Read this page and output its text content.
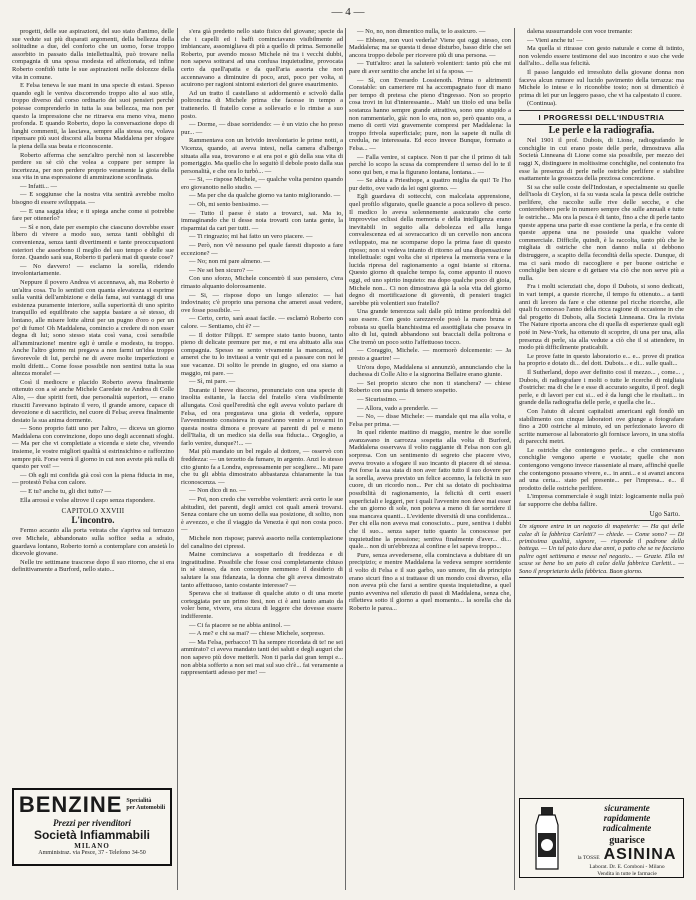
— 4 —

progetti, delle sue aspirazioni, del suo stato d'animo, delle sue vedute sui più disparati argomenti, della bellezza della solitudine a due, del conforto che un uomo, forse troppo assorbito in passato dalla intellettualità, può trovare nella compagnia di una sposa modesta ed affezionata, ed infine Roberto confidò tutte le sue aspirazioni nelle dolcezze della vita in comune.

E Felsa teneva le sue mani in una specie di estasi. Spesso quando egli le veniva discorrendo troppo alto al suo stile, troppo diverso dal corso ordinario dei suoi pensieri perchè potesse comprenderlo in tutta la sua bellezza, ma non per questo la impressione che ne ritraeva era meno viva, meno profonda. E quando Roberto, dopo la conversazione dopo di lunghi commenti, la lasciava, sempre alla stessa ora, volava ripensare più suoi discorsi alla buona Maddalena per sfogare la piena della sua beata e riconoscente.

Roberto afferma che senz'altro perchè non si lascerebbe perdere su sè ciò che volea a coppare per sempre la incertezza, per non perdere proprio veramente la gioia della sua vita in una espressione di ammirazione sconfinata.

— Infatti... —

— E soggiunse che la nostra vita sentirà avrebbe molto bisogno di essere sviluppata. —

— E una saggia idea; e ti spiega anche come si potrebbe fare per ottenerlo?

— Sì e non, date per esempio che ciascuno dovrebbe esser libero di vivere a modo suo, senza tanti obblighi di convenienza, senza tanti divertimenti e tante preoccupazioni esteriori che assorbono il meglio del suo tempo e delle sue forze. Quando sarà sua, Roberto ti parlerà mai di queste cose?

— No davvero! — esclamo la sorella, ridendo involontariamente.

Neppure il povero Andrea vi accennava, ah, ma Roberto è un'altra cosa. Tu lo sentisti con quanta elevatezza si esprime sulla vanità dell'ambizione e della fama, sui vantaggi di una esistenza puramente interiore, sulla superiorità di uno spirito tranquillo ed equilibrato che sappia bastare a sè stesso, di lontano, alle misere lotte altrui per un pugno d'oro o per un po' di fumo! Oh Maddalena, comincio a credere di non esser degna di lui; sono stesso stata così vana, così sensibile all'ammirazione! mentre egli è umile e modesto, tu troppo. Anche l'altro giorno mi pregava a non farmi un'idea troppo favorevole di lui, perchè ne di avere molte imperfezioni e molti difetti... Come fosse possibile non sentirsi tutta la sua altezza morale! —

Così il mediocre e placido Roberto aveva finalmente ottenuto con a sè anche Michele Caredate ne Andrea di Colle Alto, — due spiriti forti, due personalità superiori, — erano riusciti l'avevano ispirato il vero, il grande amore, capace di devozione e di sacrificio, nel cuore di Felsa; aveva finalmente destato la sua anima dormente.

— Sono proprio fatti uno per l'altro, — diceva un giorno Maddalena con convinzione, dopo uno degli accennati sfoghi. — Ma per che vi completiate a vicenda e siete che, vivendo insieme, le vostre migliori qualità si estrinsichino e rafforzino sempre più. Forse verrà il giorno in cui non avrete più nulla di questo per voi! —

— Oh egli mi confida già così con la piena fiducia in me, — protestò Felsa con calore.

— E tu? anche tu, gli dici tutto? —

Ella arrossì e volse altrove il capo senza rispondere.

CAPITOLO XXVIII
L'incontro.

Fermo accanto alla porta vetrata che s'apriva sul terrazzo ove Michele, abbandonato sulla soffice sedia a sdraio, guardava lontano, Roberto tornò a contemplare con ansietà lo dicevole giovane.

Nelle tre settimane trascorse dopo il suo ritorno, che si era definitivamente a Burford, nello stato...

BENZINE Specialità
per Automobili
Prezzi per rivenditori
Società Infiammabili
MILANO
Amministraz. via Pesce, 37 - Telefono 34-50

s'era già predetto nello stato fisico del giovane; specie da che i capelli ed i baffi cominciavano visibilmente ad imbiancare, assomigliava di più a quello di prima. Semonelle Roberto, pur avendo mosso Michele nè tra i vecchi dubbi, non sapeva sottrarsi ad una confusa inquietudine, provocata certo da quell'apatia e da quell'aria assorta che non accennavano a diminuire di poco, anzi, poco per volta, si acuirono per ragioni sintomi esteriori del grave esaurimento.

Ad un tratto il castellano si addormentò e scivolò dalla poltroncina di Michele prima che facesse in tempo a trattenerlo. Il fratello corse a sollevarlo e lo rimise a suo posto.

— Dorme, — disse sorridendo: — è un vizio che ho preso pur... —

Rammentava con un brivido involontario le prime notti, a Vicenza, quando, ai aveva intesi, nella camera d'albergo situata alla sua, trovarono e ai era poi e giù della sua vita di pomeriggio. Ma quello che lo seguitò il debole posto dalla sua personalità, e che ora lo turbò... —

— Si, — rispose Michele, — qualche volta persino quando ero giovanotto nello studio. —

— Ma per che da qualche giorno va tanto migliorando. —

— Oh, mi sento benissimo. —

— Tutto il paese è stato a trovarci, sai. Ma io, immaginando che ti desse noia trovarti con tanta gente, la risparmiai da cari per tutti. —

— Ti ringrazio; mi hai fatto un vero piacere. —

— Però, non v'è nessuno pel quale faresti disposto a fare eccezione? —

— No; non mi pare almeno. —

— Ne sei ben sicuro? —

Con uno sforzo, Michele concentrò il suo pensiero, c'era rimasto alquanto dolorosamente.

— Si, — rispose dopo un lungo silenzio: — hai indovinato; c'è proprio una persona che amerei assai vedere, ove fosse possibile. —

— Certo, certo, sarà assai facile. — esclamò Roberto con calore. — Sentiamo, chi è? —

— Il dottor Filippi. E' sempre stato tanto buono, tanto pieno di delicate premure per me, e mi era abituato alla sua compagnia. Spesso ne sento vivamente la mancanza, ed amerei che tu lo invitassi a venir qui ed a passare con noi le sue vacanze. Di solito le prende in giugno, ed ora siamo a maggio, mi pare. —

— Sì, mi pare. —

Durante il breve discorso, pronunciato con una specie di insolita esitante, la faccia del fratello s'era visibilmente allungata. Così quell'eredità che egli aveva voluto parlare di Felsa, ed ora pregustava una gioia di vederla, oppure l'avvenimento consisteva in quest'anno venire a trovarmi in questa nostra dimora e provare ai parenti di pel e meno dell'Italia, di un medico sia della sua fiducia... Orgoglio, a farlo venire, dunque?!... —

Mai più mandato un bel regalo al dottore, — osservò con freddezza: — un terzetto da fumare, in argento. Anzi lo stesso cito giunto fa a Londra, espressamente per scegliere... Mi pare che tu gli abbia dimostrato abbastanza chiaramente la tua riconoscenza. —

— Non dico di no. —

— Poi, non credo che verrebbe volentieri: avrà certo le sue abitudini, dei parenti, degli amici coi quali amerà trovarsi. Senza contare che un uomo della sua posizione, di solito, non è avvezzo, e che il viaggio da Venezia è qui non costa poco. —

Michele non rispose; parevà assorto nella contemplazione del canalino dei cipressi.

Maine cominciava a sospettarlo di freddezza e di ingratitudine. Possibile che fosse così completamente chiuso in sè stesso, da non concepire nemmeno il desiderio di salutare la sua fidanzata, la donna che gli aveva dimostrato tanto affettuoso, tanto costante interesse? —

Sperava che si trattasse di qualche aiuto o di una morte corteggiata per un primo ttesi, non ci è ami tanto amato da voler bene, vivere, era sicura di leggere che dovesse essere indifferente.

— Ci fa piacere se ne abbia aniinol. —

— A me? e chi sa mai? — chiese Michele, sorpreso.

— Ma Felsa, perbacco! Ti ha sempre ricordata di te! ne sei ammirato? ci aveva mandato tanti dei saluti e degli auguri che non sapevo più dove metterli. Non ti parla dai gran tempi e... non abbia sofferto a non sei mai sul suo ch'è... fai veramente a rappresentarti adesso per me! —

— No, no, non dimentico nulla, te lo assicuro. —

— Ebbene, non vuoi vederla? Viene qui oggi stesso, con Maddalena; ma se questa ti desse disturbo, basso dirle che sei ancora troppo debole per ricevere più di una persona. —

— Tutt'altro: anzi la saluterò volentieri: tanto più che mi pare di aver sentito che anche lei si fa sposa. —

— Sì, con Everardo Lossienoth. Prima o altrimenti Constable: un cameriere mi ha accompagnato fuor di mano per tempo di pretesa che pieno d'ingresso. Non so proprio cosa trovi in lui d'interessante... Mah! un titolo ed una bella sostanza hanno sempre grande attrattiva, sono uno stupido a non rammentarlo, già: non lo era, non so, però quanto ora, a meno di certi vizi gravemente compresi per Maddalena: la troppo frivola superficiale; pure, non la sapete di nulla di credula, ne interessata. Ed ecco invece Bunque, formato a Felsa... —

— Falla venire, si capisce. Non ti par che il primo di tali perchè lo scopo la scusa da comprendere il senso del lo te il sono qui ben, e ma la figurano lontana, lontana... —

— Se abita a Priesthope, a quattro miglia da qui! Te l'ho pur detto, ove vado da lei ogni giorno. —

Egli guardava di sottecchi, con malcelata apprensione, quel profilo sfigurato, quelle guancie a poca sollevo di pesco. Il medico lo aveva solennemente assicurato che certe improvvise eclissi della memoria e della intelligenza erano inevitabili in seguito alla debolezza ed alla lunga convalescenza ed ai sovraccarico di un cervello non ancora sviluppato, ma ne scomparse dopo la prima fase di questo riposo; non si vedeva intanto di ritorno ad una dispensazione intellettuale: ogni volta che si ripeteva la memoria vera e la lucida ripresa del ragionamento a ogni istante si ritorna. Questo giorno di qualche tempo fa, come appunto il nuovo oggi, ed uno spirito inquieto: ma dopo qualche poco di gioia, Michele non... Ci non dimostrava già la sola vita del giorno degno di mortificazione di gioventù, di pensieri tragici sarebbe più volentieri suo fratello?

Una grande tenerezza sali dalle più intime profondità del suo essere. Con gesto carezzevole posò la mano bruna e robusta su quella bianchissima ed assottigliata che posava in alto di lui, quindi abbandono sui bracciali della poltrona e Che tremò un poco sotto l'affettuoso tocco.

— Coraggio, Michele. — mormorò dolcemente: — Ja presto a guarire! —

Un'ora dopo, Maddalena si annunziò, annunciando che la duchessa di Colle Alto e la signorina Bellaire erano giunte.

— Sei proprio sicuro che non ti stanchera? — chiese Roberto con una punta di tenero sospetto.

— Sicurissimo. —

— Allora, vado a prenderle. —

— No, — disse Michele: — mandale qui ma alla volta, e Felsa per prima. —

In quel ridente mattino di maggio, mentre le due sorelle avanzavano in carrozza sospetta alla volta di Burford, Maddalena osservava il volto raggiante di Felsa non con gli sorpresa. Con un sentimento di segreto che piacere vivo, aveva trovato a sfogare il suo incanto di piacere di sé stessa. Poi forse la sua stata di non aver fatto tutto il suo dovere per la sorella, aveva previsto un felice accenno, la felicità in suo cuore, di un ricordo non... Per chi sa dotato di pochissima possibilità di ragionamento, la felicità di certi esseri superficiali e leggeri, per i quali l'avvenire non deve mai esser che un giorno di sole, non poteva a meno di far sorridere il sua mancava quanti... L'evidente diversità di una confidenza... Per chi ella non aveva mai conosciuto... pure, sentiva i dubbi che il suo... senza saper tutto quanto la conoscesse per inquietudine la pressione; sentiva finalmente d'aver... di... quale... non di un'ebbrezza al confine e lei sapeva troppo...

Pure, senza avvedersene, ella cominciava a dubitare di un precipizio; e mentre Maddalena la vedeva sempre sorridente il volto di Felsa e il suo garbo, suo umore, fin da principio erano sicuri fino a si trattasse di un mondo così diverso, ella non aveva più che farsi a sentire questa inquietudine, a quel punto avveniva nel silenzio di passi di Maddalena, senza che, rifletteva sotto il giorno a quel momento... la sorella che da Roberto le parea...

dalena sussurrandole con voce tremante:

— Vieni anche tu! —

Ma quella si ritrasse con gesto naturale e come di istinto, non volendo essere testimone del suo incontro e suo che vede dall'alto... della sua felicità.

Il passo languido ed irresoluto della giovane donna non faceva alcun rumore sul lucido pavimento della terrazza: ma Michele lo intese e lo riconobbe tosto; non si dimenticò è prima di lei pur un leggero passo, che vi ha calpestato il cuore.

(Continua).

I PROGRESSI DELL'INDUSTRIA
Le perle e la radiografia.

Nel 1901 il prof. Dubois, di Lione, radiografando le conchiglie in cui erano poste delle perle, dimostrava alla Società Linneana di Lione come sia possibile, per mezzo dei raggi X, distinguere in moltissime conchiglie, nel contenuto fra esse la presenza di perle nelle ostriche perlifere e stabilire esattamente la grossezza della preziosa concrezione.

Si sa che sulle coste dell'Indostan, e specialmente su quelle dell'isola di Ceylon, si fa su vasta scala la pesca delle ostriche perlifere, che raccolte sulle rive delle secche, e che conterrebbero perle in numero sempre che sulle annuali e tutte le ostriche... Ma ora la pesca è di tanto, fino a che di perle tanto queste appena una parte di esse contiene la perla, e fra cente di queste appena una ne possiede una qualche valore commerciale. Difficile, quindi, è la raccolta, tanto più che le migliaia di ostriche che non danno nulla si debbono distruggere, a scapito della fecondità della specie. Dunque, di ma ci sarà modo di raccogliere e per buone ostriche e conchiglie ben sicure e di gettare via ciò che non serve più a nulla.

Fra i molti scienziati che, dopo il Dubois, si sono dedicati, in vari tempi, a queste ricerche, il tempo fu ottenuto... a tanti anni di lavoro da fare e che ottenne pel ricche ricerche, alle quali fu concesso l'anno della ricca ragione di occasione in che dal progetto di Dubois, alla Società Linneana. Ora la rivista The Nature riporta ancora che di quella di esperienze quali egli poté in New-York, ha ottenuto di scoprire, di una per una, alla presenza di perle, sia alla vedute a ciò che il si attendere, in modo più difficilmente praticabili.

Le prove fatte in questo laboratorio e... e... prove di pratica ha proprio e dotato di... del dott. Dubois... e di... sulle quali...

Il Sutherland, dopo aver definito cosi il mezzo... , come... , Dubois, di radiografare i molti o tutte le ricerche di migliaia d'ostriche: ma di che le e esse di accurato seguito, il prof. degli perle, e di lavori per cui si... ed è da lungi che le risultati... in grande della radiografia delle perle, e quella che le...

Con l'aiuto di alcuni capitalisti americani egli fondò un stabilimento con cinque laboratori ove giunge a fotografare fino a 200 ostriche al minuto, ed un perfezionato lavoro di scritte numerose al laboratorio gli fornisce lavoro, in una stoffa di parecchi metri.

Le ostriche che contengono perle... e che contenevano conchiglie vengono aperte e vuotate; quelle che non contengono vengono invece riasseniate al mare, affinchè quelle che contengono possano vivere, e... in anni... e si avanzi ancora ad una certa... stato pel presente... per l'impresa... e... il prodotto delle ostriche perlifere.

L'impresa commerciale è sugli inizi: logicamente nulla può far supporre che debba fallire.

Ugo Sarto.
Un signore entra in un negozio di mapeterie: — Ha qui delle calze di la fabbrica Carletti? — chiede. — Come sono? — Di primissima qualità, signore, — risponde il padrone della bottega. — Un tal paio dura due anni, a patto che se ne facciano pulire ogni settimana e messe nel negozio... — Grazie. Ella mi scuse se bene ho un paio di calze della fabbrica Carletti... — Sono il proprietario della fabbrica. Buon giorno.
sicuramente
rapidamente
radicalmente
guarisce
la TOSSE ASININA
Laborat. Dr. E. Comboni - Milano
Vendita in tutte le farmacie
